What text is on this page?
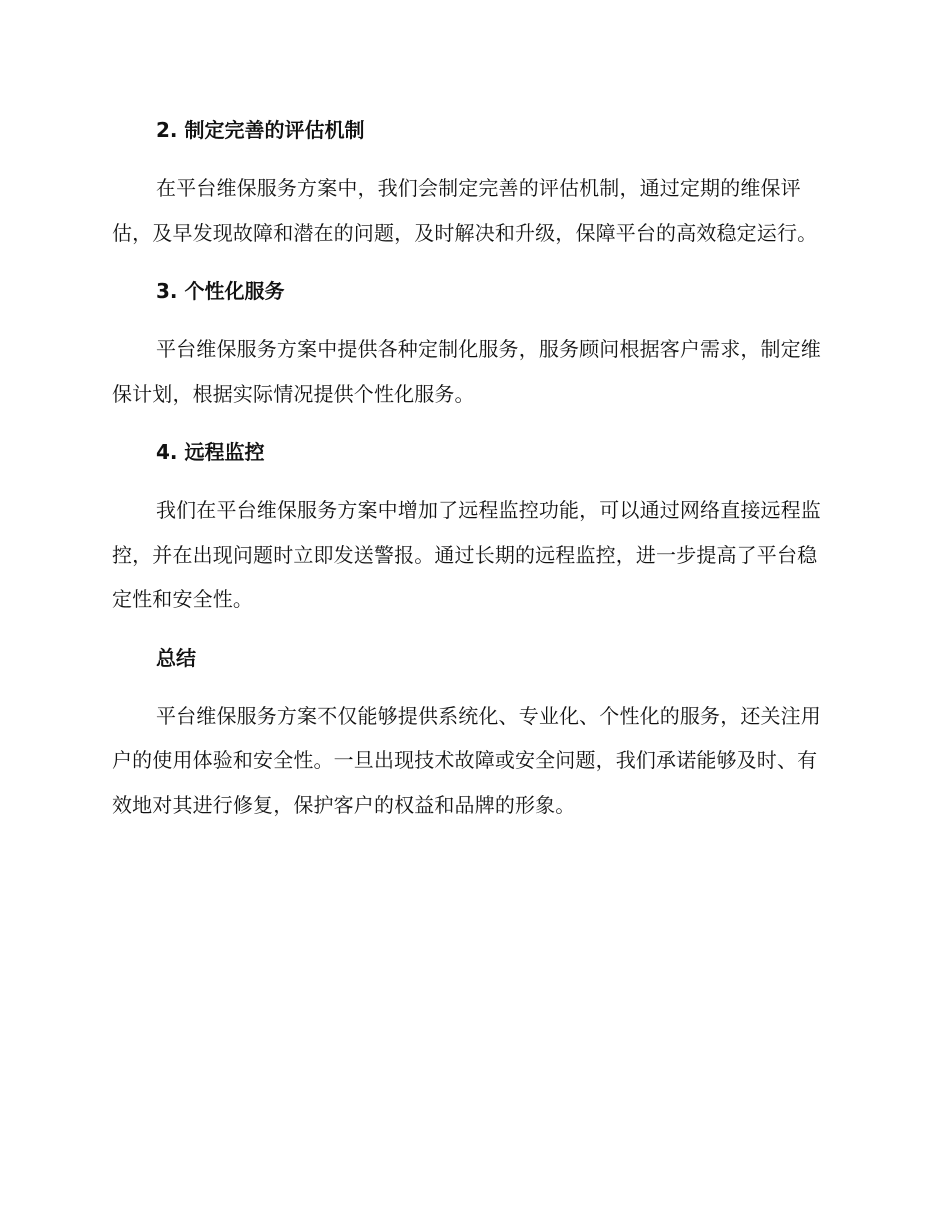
2. 制定完善的评估机制

在平台维保服务方案中，我们会制定完善的评估机制，通过定期的维保评估，及早发现故障和潜在的问题，及时解决和升级，保障平台的高效稳定运行。

3. 个性化服务

平台维保服务方案中提供各种定制化服务，服务顾问根据客户需求，制定维保计划，根据实际情况提供个性化服务。

4. 远程监控

我们在平台维保服务方案中增加了远程监控功能，可以通过网络直接远程监控，并在出现问题时立即发送警报。通过长期的远程监控，进一步提高了平台稳定性和安全性。

总结

平台维保服务方案不仅能够提供系统化、专业化、个性化的服务，还关注用户的使用体验和安全性。一旦出现技术故障或安全问题，我们承诺能够及时、有效地对其进行修复，保护客户的权益和品牌的形象。
